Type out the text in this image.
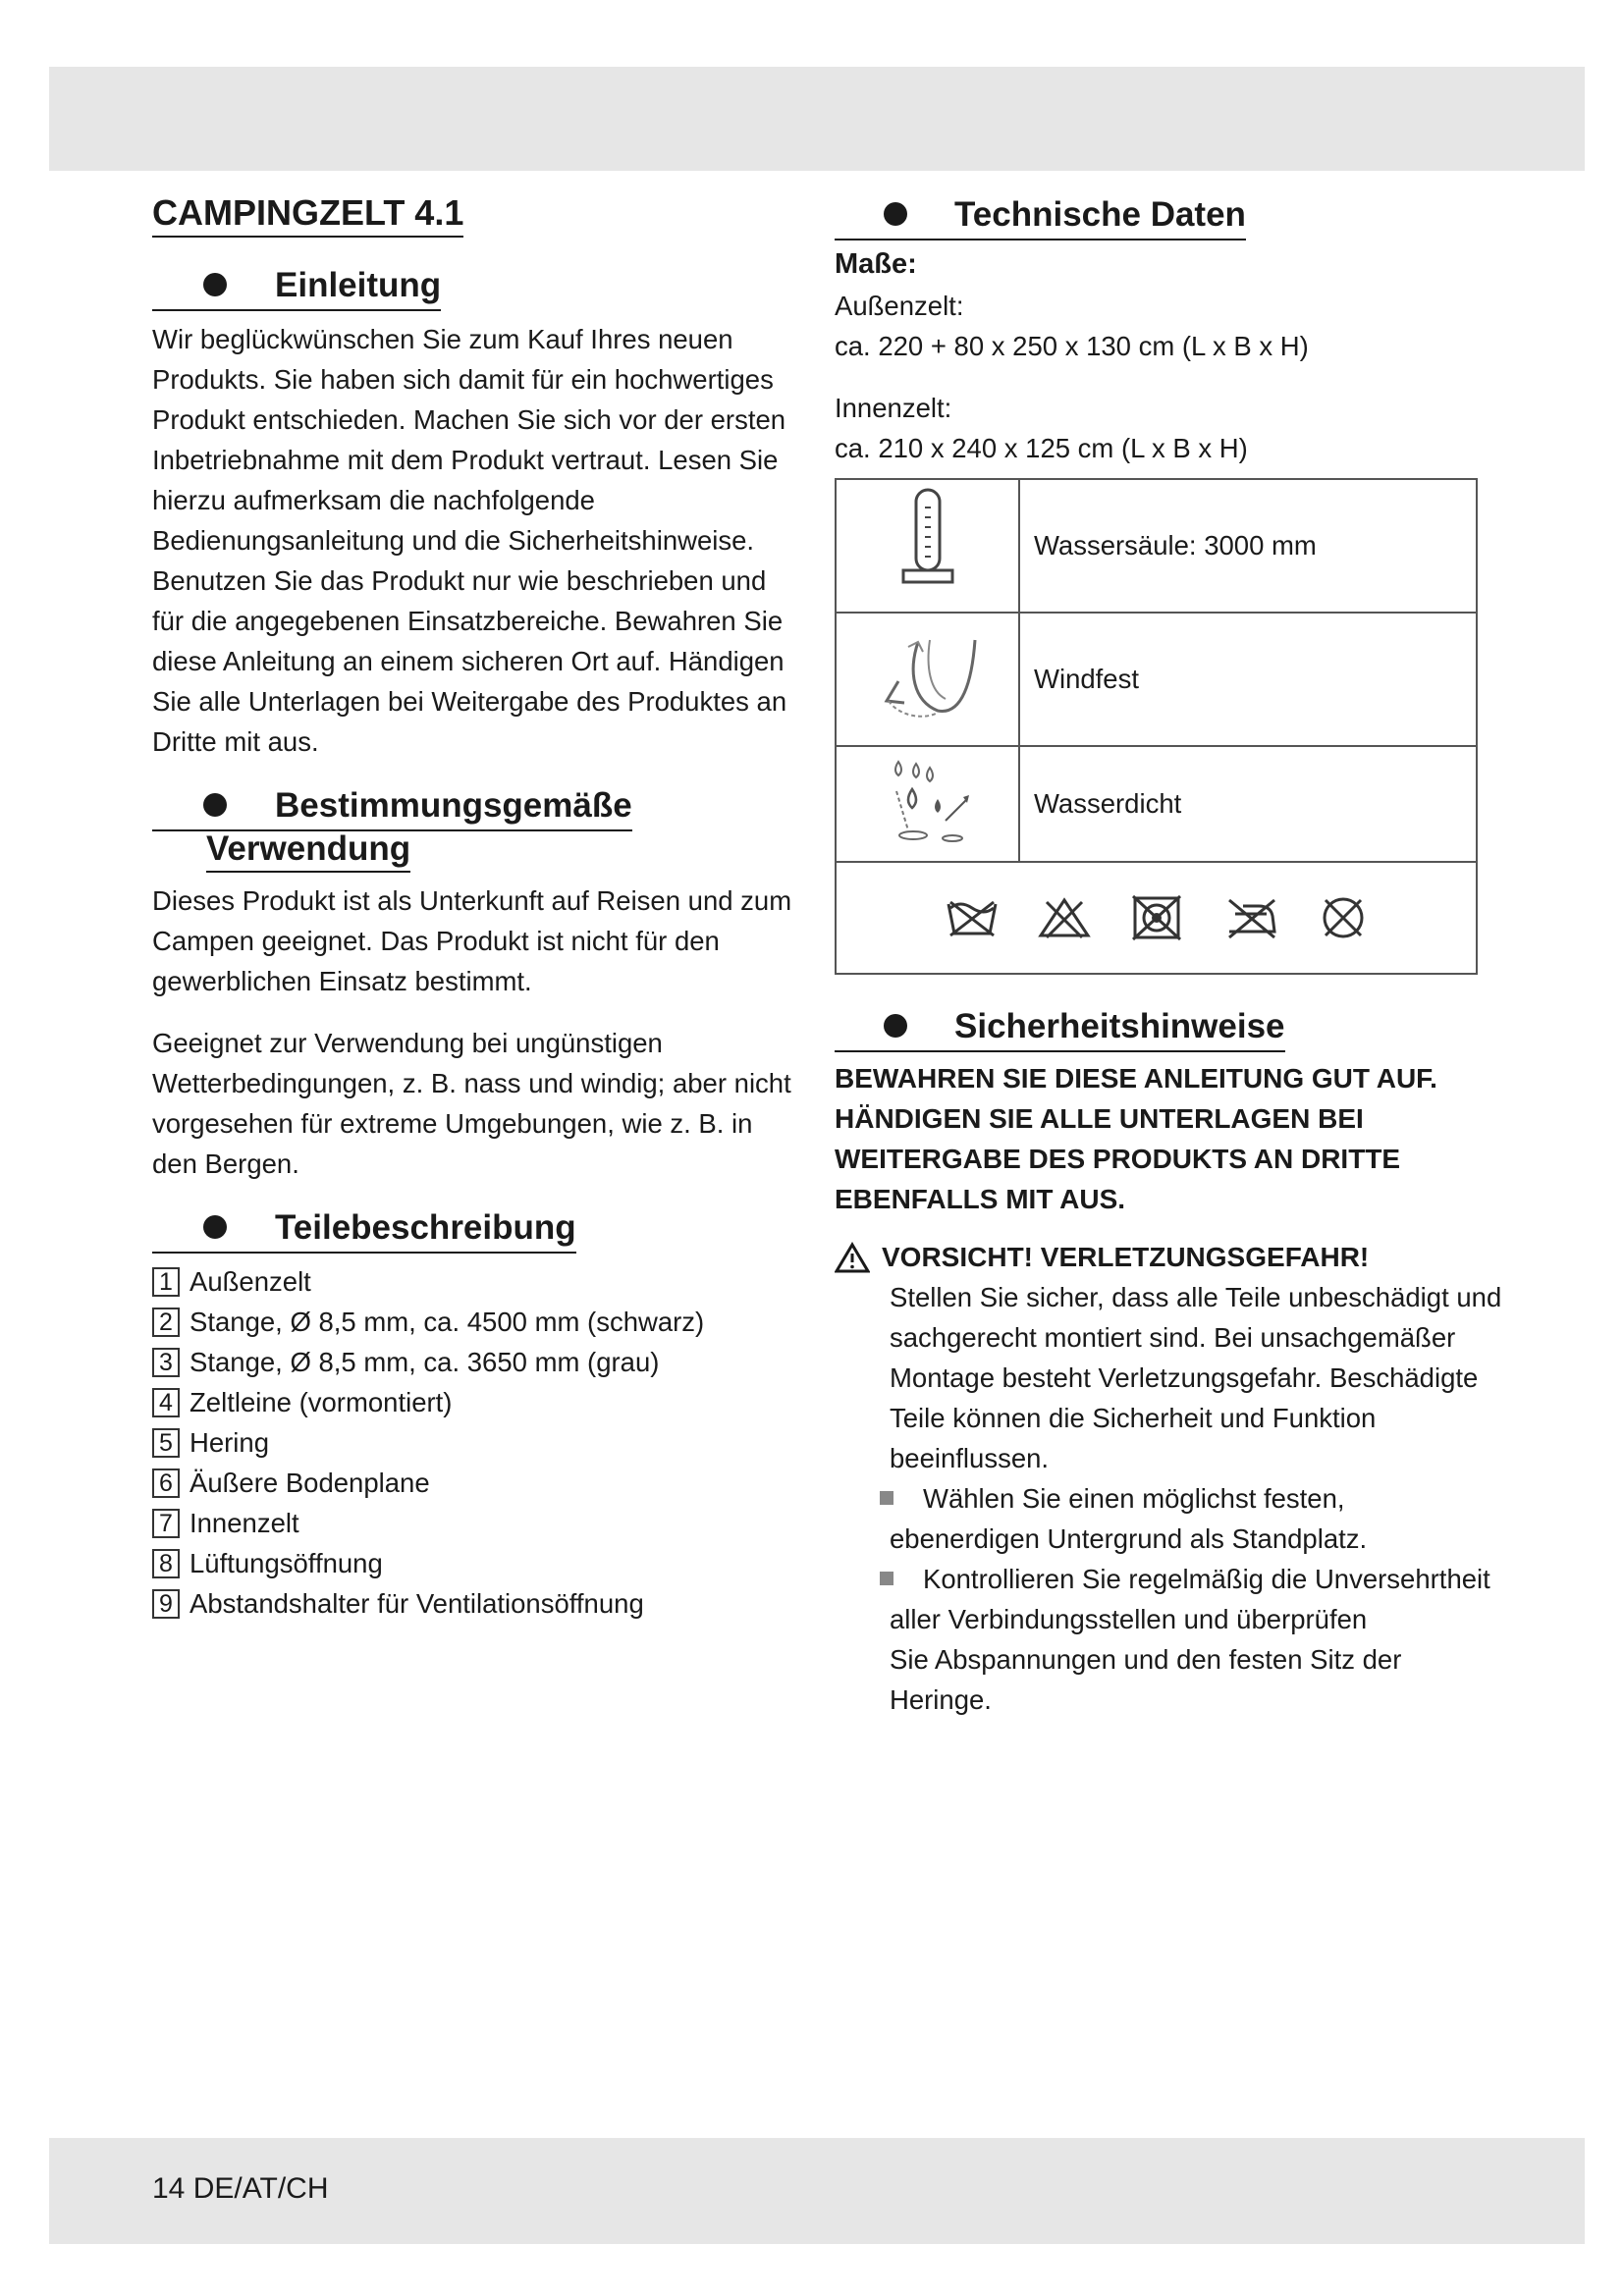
CAMPINGZELT 4.1
Einleitung

Wir beglückwünschen Sie zum Kauf Ihres neuen Produkts. Sie haben sich damit für ein hochwertiges Produkt entschieden. Machen Sie sich vor der ersten Inbetriebnahme mit dem Produkt vertraut. Lesen Sie hierzu aufmerksam die nachfolgende Bedienungsanleitung und die Sicherheitshinweise. Benutzen Sie das Produkt nur wie beschrieben und für die angegebenen Einsatzbereiche. Bewahren Sie diese Anleitung an einem sicheren Ort auf. Händigen Sie alle Unterlagen bei Weitergabe des Produktes an Dritte mit aus.

Bestimmungsgemäße
Verwendung

Dieses Produkt ist als Unterkunft auf Reisen und zum Campen geeignet. Das Produkt ist nicht für den gewerblichen Einsatz bestimmt.

Geeignet zur Verwendung bei ungünstigen Wetterbedingungen, z. B. nass und windig; aber nicht vorgesehen für extreme Umgebungen, wie z. B. in den Bergen.

Teilebeschreibung
1 Außenzelt
2 Stange, Ø 8,5 mm, ca. 4500 mm (schwarz)
3 Stange, Ø 8,5 mm, ca. 3650 mm (grau)
4 Zeltleine (vormontiert)
5 Hering
6 Äußere Bodenplane
7 Innenzelt
8 Lüftungsöffnung
9 Abstandshalter für Ventilationsöffnung
Technische Daten
Maße:

Außenzelt:

ca. 220 + 80 x 250 x 130 cm (L x B x H)

Innenzelt:

ca. 210 x 240 x 125 cm (L x B x H)

	Wassersäule: 3000 mm
	Windfest
	Wasserdicht

Sicherheitshinweise

BEWAHREN SIE DIESE ANLEITUNG GUT AUF. HÄNDIGEN SIE ALLE UNTERLAGEN BEI WEITERGABE DES PRODUKTS AN DRITTE EBENFALLS MIT AUS.

VORSICHT! VERLETZUNGSGEFAHR!

Stellen Sie sicher, dass alle Teile unbeschädigt und sachgerecht montiert sind. Bei unsachgemäßer Montage besteht Verletzungsgefahr. Beschädigte Teile können die Sicherheit und Funktion beeinflussen.

Wählen Sie einen möglichst festen,

ebenerdigen Untergrund als Standplatz.

Kontrollieren Sie regelmäßig die Unversehrtheit

aller Verbindungsstellen und überprüfen

Sie Abspannungen und den festen Sitz der

Heringe.

14 DE/AT/CH
